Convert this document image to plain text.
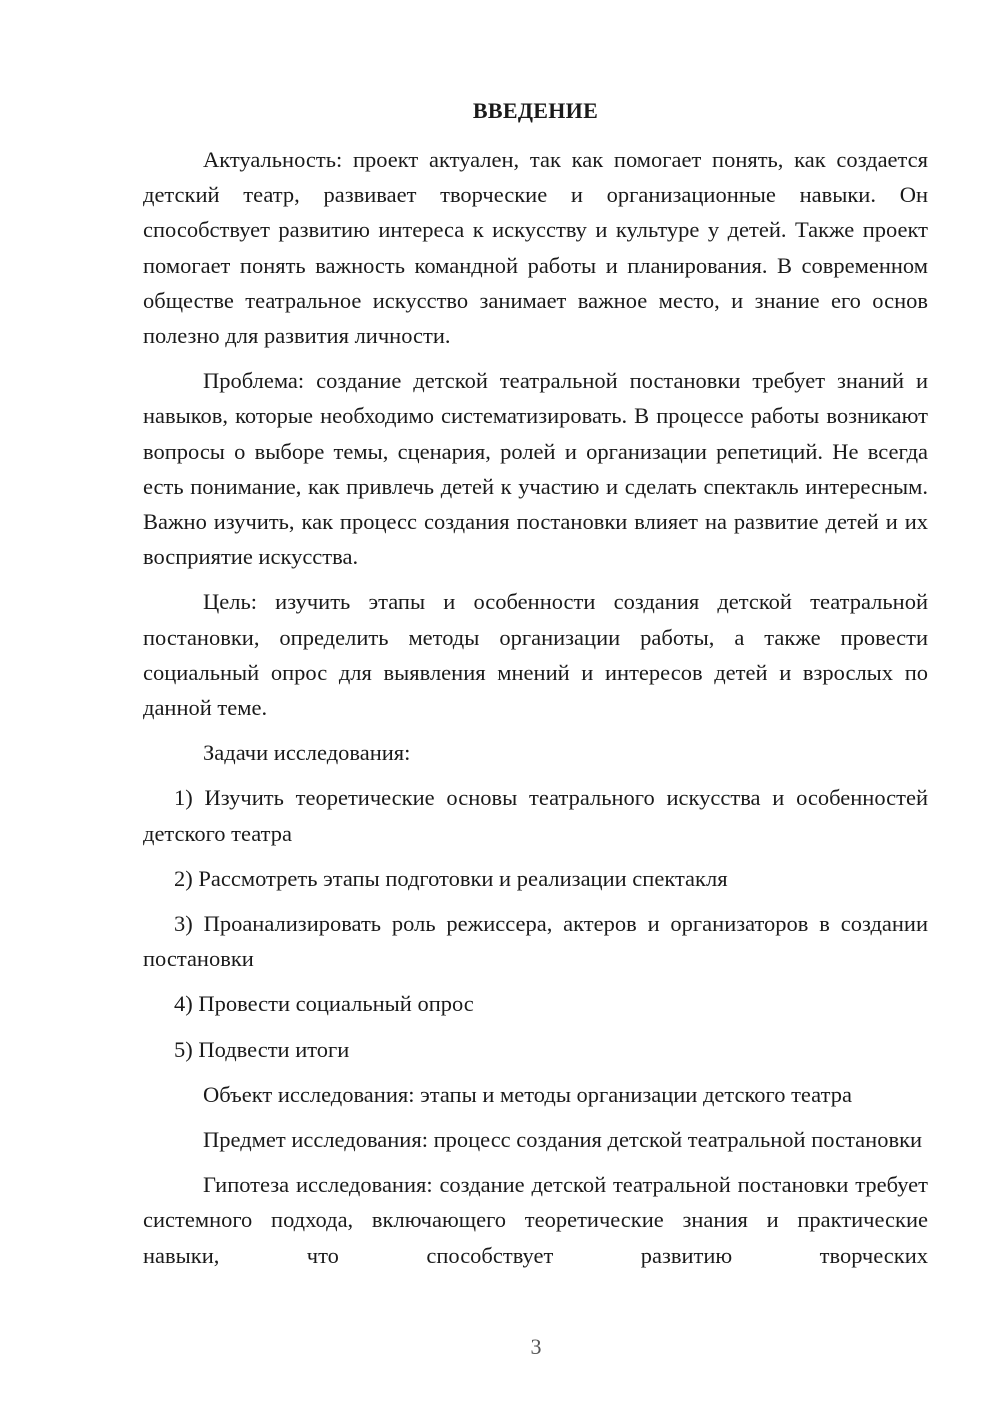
ВВЕДЕНИЕ

Актуальность: проект актуален, так как помогает понять, как создается детский театр, развивает творческие и организационные навыки. Он способствует развитию интереса к искусству и культуре у детей. Также проект помогает понять важность командной работы и планирования. В современном обществе театральное искусство занимает важное место, и знание его основ полезно для развития личности.

Проблема: создание детской театральной постановки требует знаний и навыков, которые необходимо систематизировать. В процессе работы возникают вопросы о выборе темы, сценария, ролей и организации репетиций. Не всегда есть понимание, как привлечь детей к участию и сделать спектакль интересным. Важно изучить, как процесс создания постановки влияет на развитие детей и их восприятие искусства.

Цель: изучить этапы и особенности создания детской театральной постановки, определить методы организации работы, а также провести социальный опрос для выявления мнений и интересов детей и взрослых по данной теме.

Задачи исследования:

1) Изучить теоретические основы театрального искусства и особенностей детского театра

2) Рассмотреть этапы подготовки и реализации спектакля

3) Проанализировать роль режиссера, актеров и организаторов в создании постановки

4) Провести социальный опрос

5) Подвести итоги

Объект исследования: этапы и методы организации детского театра

Предмет исследования: процесс создания детской театральной постановки

Гипотеза исследования: создание детской театральной постановки требует системного подхода, включающего теоретические знания и практические навыки, что способствует развитию творческих

3
